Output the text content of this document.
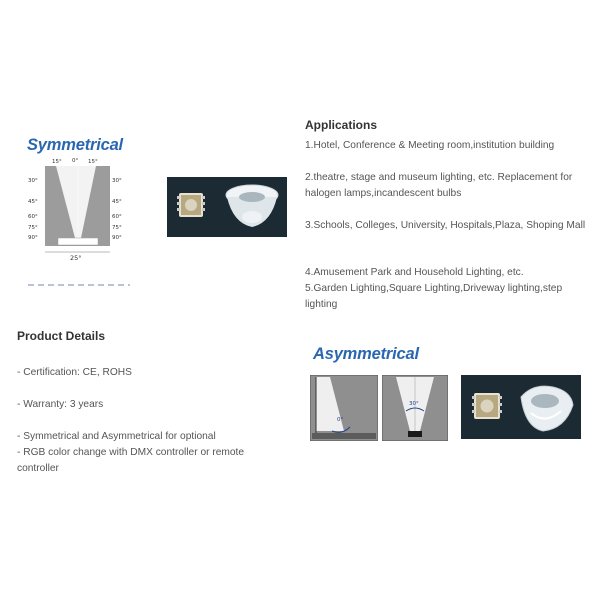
Symmetrical
15° 0° 15°
30°	30°
45°	45°
60°	60°
75°	75°
90°	90°
25°
Applications
1.Hotel, Conference & Meeting room,institution building
2.theatre, stage and museum lighting, etc. Replacement for halogen lamps,incandescent bulbs
3.Schools, Colleges, University, Hospitals,Plaza, Shoping Mall
4.Amusement Park and Household Lighting, etc.
5.Garden Lighting,Square Lighting,Driveway lighting,step lighting
Product Details
- Certification: CE, ROHS
- Warranty: 3 years
- Symmetrical and Asymmetrical for optional
- RGB color change with DMX controller or remote controller
Asymmetrical
0°
30°
